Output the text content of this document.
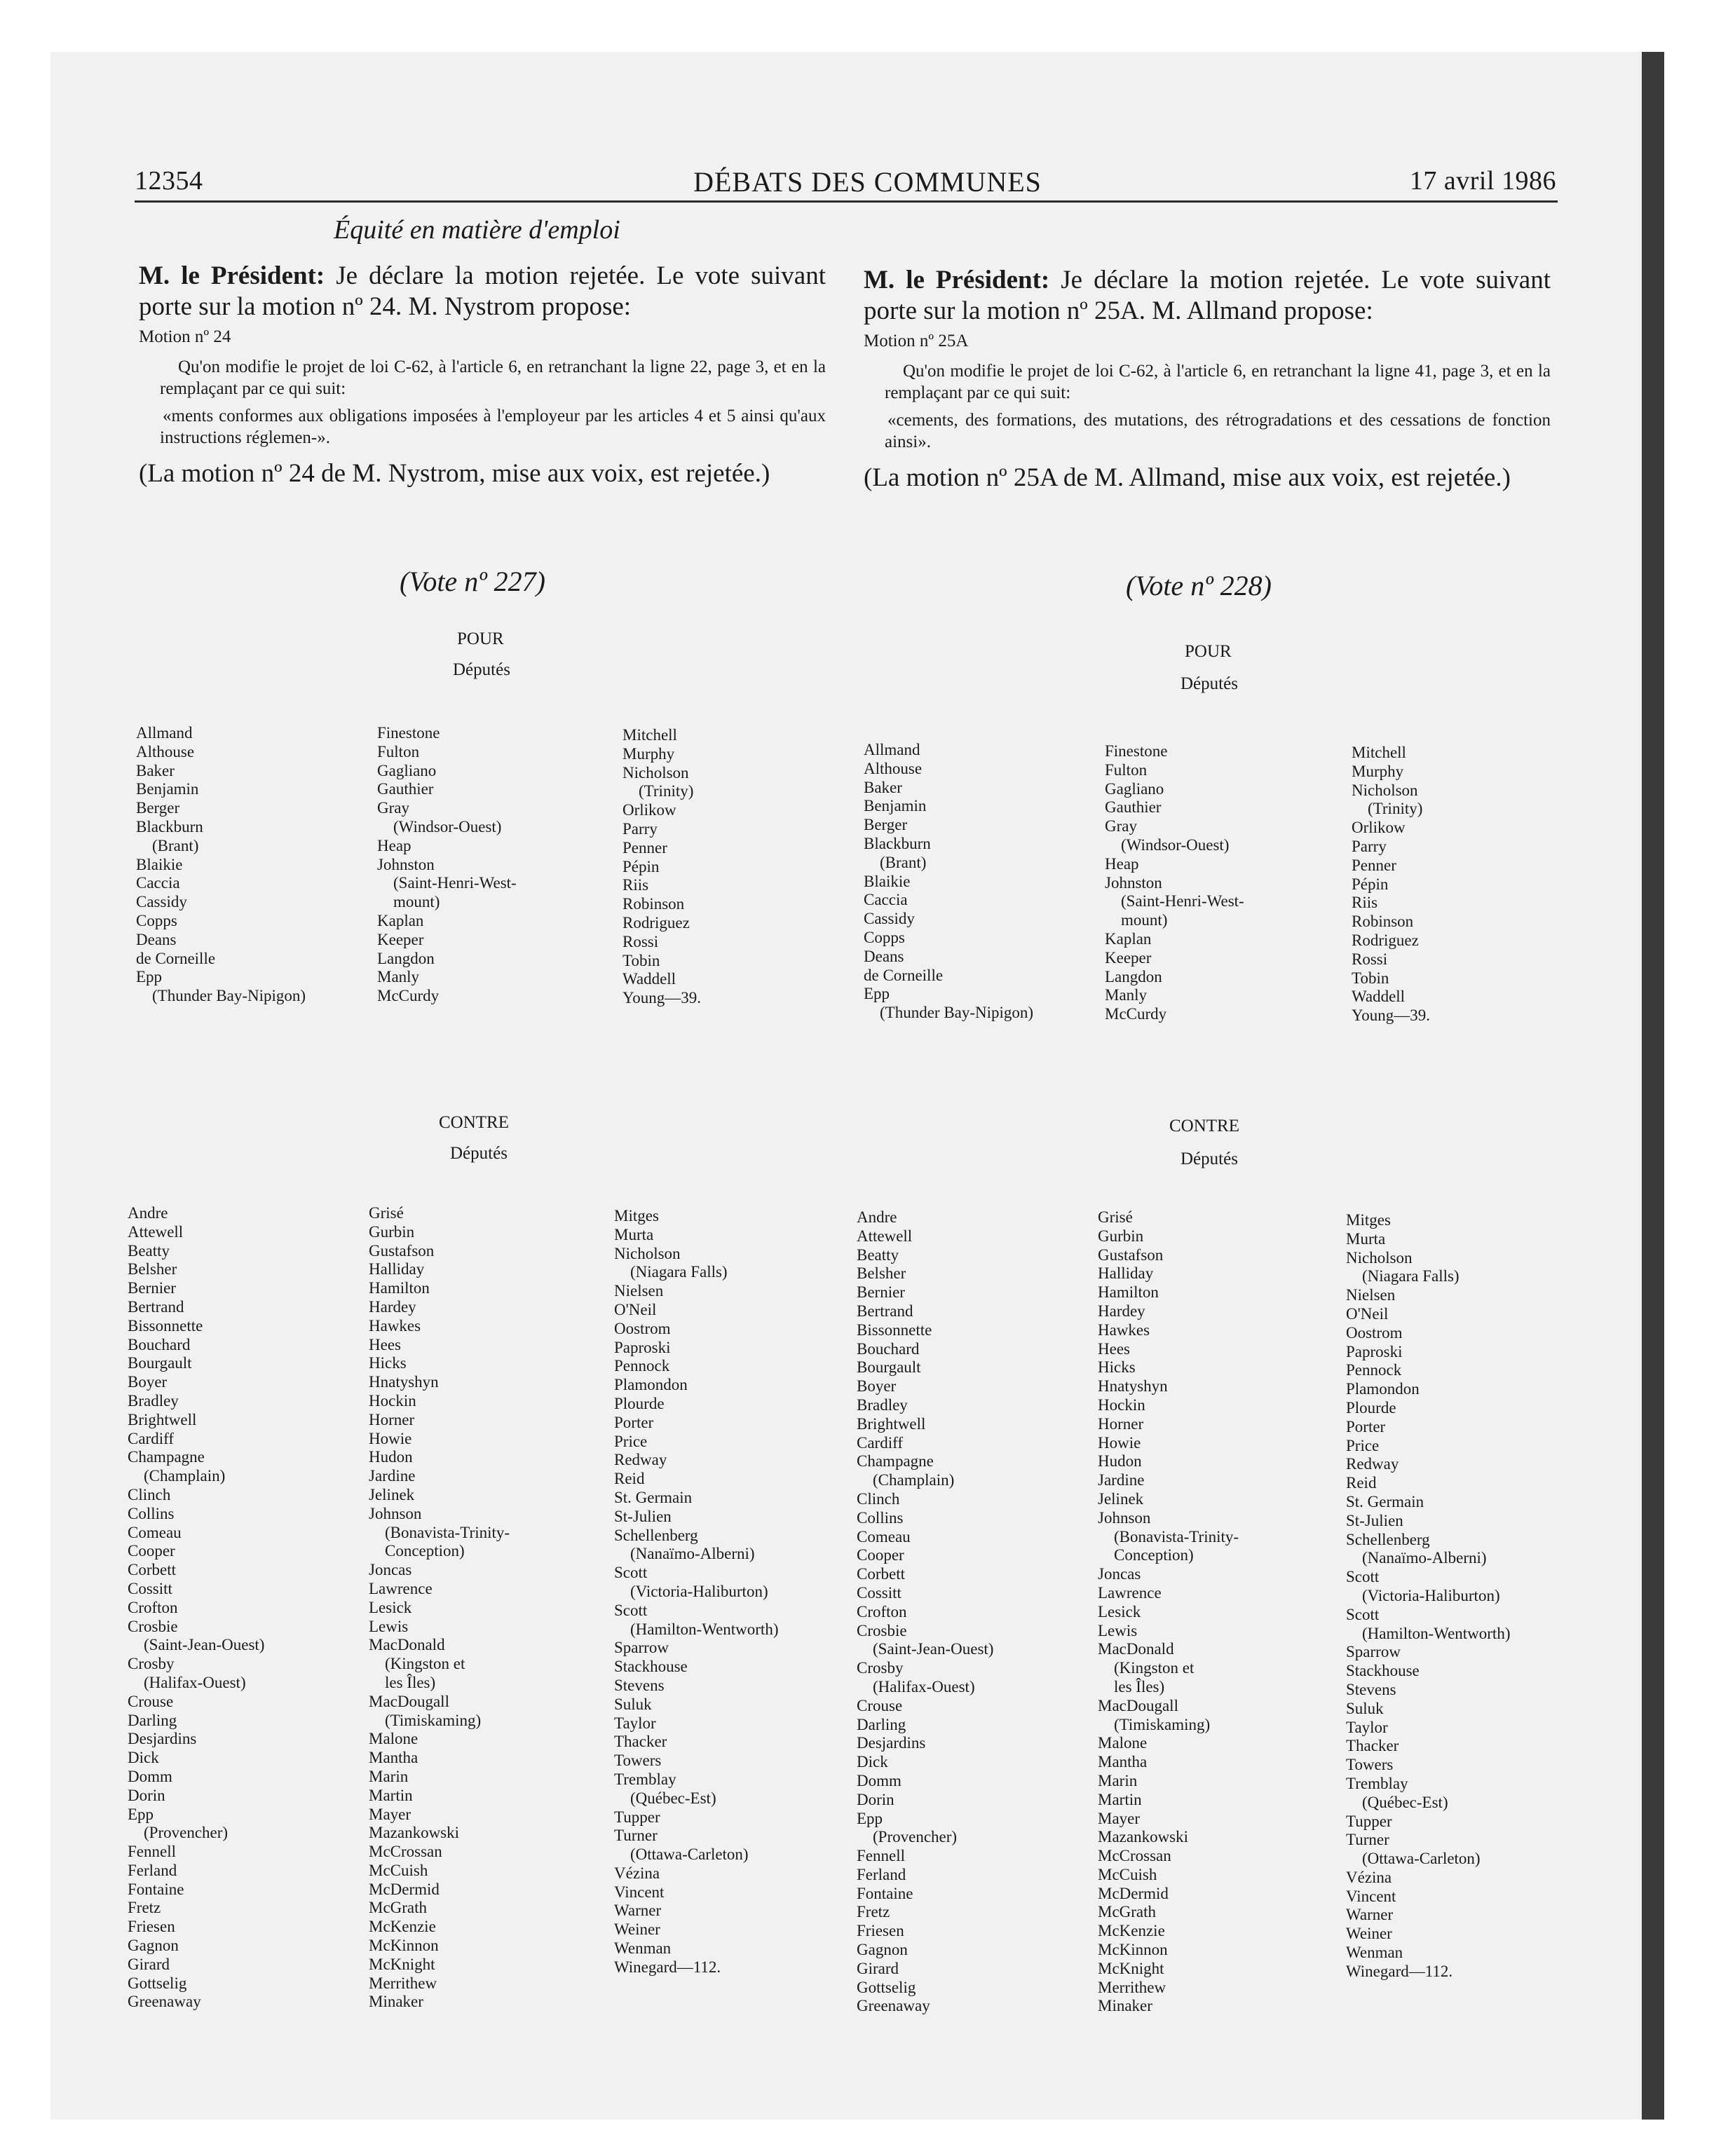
12354	DÉBATS DES COMMUNES	17 avril 1986
Équité en matière d'emploi
M. le Président: Je déclare la motion rejetée. Le vote suivant porte sur la motion nº 24. M. Nystrom propose:
Motion nº 24
Qu'on modifie le projet de loi C-62, à l'article 6, en retranchant la ligne 22, page 3, et en la remplaçant par ce qui suit:
«ments conformes aux obligations imposées à l'employeur par les articles 4 et 5 ainsi qu'aux instructions réglemen-».
(La motion nº 24 de M. Nystrom, mise aux voix, est rejetée.)
M. le Président: Je déclare la motion rejetée. Le vote suivant porte sur la motion nº 25A. M. Allmand propose:
Motion nº 25A
Qu'on modifie le projet de loi C-62, à l'article 6, en retranchant la ligne 41, page 3, et en la remplaçant par ce qui suit:
«cements, des formations, des mutations, des rétrogradations et des cessations de fonction ainsi».
(La motion nº 25A de M. Allmand, mise aux voix, est rejetée.)
(Vote nº 227)	(Vote nº 228)
POUR
Députés
Allmand
Althouse
Baker
Benjamin
Berger
Blackburn
(Brant)
Blaikie
Caccia
Cassidy
Copps
Deans
de Corneille
Epp
(Thunder Bay-Nipigon)
Finestone
Fulton
Gagliano
Gauthier
Gray
(Windsor-Ouest)
Heap
Johnston
(Saint-Henri-West-
mount)
Kaplan
Keeper
Langdon
Manly
McCurdy
Mitchell
Murphy
Nicholson
(Trinity)
Orlikow
Parry
Penner
Pépin
Riis
Robinson
Rodriguez
Rossi
Tobin
Waddell
Young—39.
POUR
Députés
Allmand
Althouse
Baker
Benjamin
Berger
Blackburn
(Brant)
Blaikie
Caccia
Cassidy
Copps
Deans
de Corneille
Epp
(Thunder Bay-Nipigon)
Finestone
Fulton
Gagliano
Gauthier
Gray
(Windsor-Ouest)
Heap
Johnston
(Saint-Henri-West-
mount)
Kaplan
Keeper
Langdon
Manly
McCurdy
Mitchell
Murphy
Nicholson
(Trinity)
Orlikow
Parry
Penner
Pépin
Riis
Robinson
Rodriguez
Rossi
Tobin
Waddell
Young—39.
CONTRE
Députés
Andre
Attewell
Beatty
Belsher
Bernier
Bertrand
Bissonnette
Bouchard
Bourgault
Boyer
Bradley
Brightwell
Cardiff
Champagne
(Champlain)
Clinch
Collins
Comeau
Cooper
Corbett
Cossitt
Crofton
Crosbie
(Saint-Jean-Ouest)
Crosby
(Halifax-Ouest)
Crouse
Darling
Desjardins
Dick
Domm
Dorin
Epp
(Provencher)
Fennell
Ferland
Fontaine
Fretz
Friesen
Gagnon
Girard
Gottselig
Greenaway
Grisé
Gurbin
Gustafson
Halliday
Hamilton
Hardey
Hawkes
Hees
Hicks
Hnatyshyn
Hockin
Horner
Howie
Hudon
Jardine
Jelinek
Johnson
(Bonavista-Trinity-
Conception)
Joncas
Lawrence
Lesick
Lewis
MacDonald
(Kingston et
les Îles)
MacDougall
(Timiskaming)
Malone
Mantha
Marin
Martin
Mayer
Mazankowski
McCrossan
McCuish
McDermid
McGrath
McKenzie
McKinnon
McKnight
Merrithew
Minaker
Mitges
Murta
Nicholson
(Niagara Falls)
Nielsen
O'Neil
Oostrom
Paproski
Pennock
Plamondon
Plourde
Porter
Price
Redway
Reid
St. Germain
St-Julien
Schellenberg
(Nanaïmo-Alberni)
Scott
(Victoria-Haliburton)
Scott
(Hamilton-Wentworth)
Sparrow
Stackhouse
Stevens
Suluk
Taylor
Thacker
Towers
Tremblay
(Québec-Est)
Tupper
Turner
(Ottawa-Carleton)
Vézina
Vincent
Warner
Weiner
Wenman
Winegard—112.
CONTRE
Députés
Andre
Attewell
Beatty
Belsher
Bernier
Bertrand
Bissonnette
Bouchard
Bourgault
Boyer
Bradley
Brightwell
Cardiff
Champagne
(Champlain)
Clinch
Collins
Comeau
Cooper
Corbett
Cossitt
Crofton
Crosbie
(Saint-Jean-Ouest)
Crosby
(Halifax-Ouest)
Crouse
Darling
Desjardins
Dick
Domm
Dorin
Epp
(Provencher)
Fennell
Ferland
Fontaine
Fretz
Friesen
Gagnon
Girard
Gottselig
Greenaway
Grisé
Gurbin
Gustafson
Halliday
Hamilton
Hardey
Hawkes
Hees
Hicks
Hnatyshyn
Hockin
Horner
Howie
Hudon
Jardine
Jelinek
Johnson
(Bonavista-Trinity-
Conception)
Joncas
Lawrence
Lesick
Lewis
MacDonald
(Kingston et
les Îles)
MacDougall
(Timiskaming)
Malone
Mantha
Marin
Martin
Mayer
Mazankowski
McCrossan
McCuish
McDermid
McGrath
McKenzie
McKinnon
McKnight
Merrithew
Minaker
Mitges
Murta
Nicholson
(Niagara Falls)
Nielsen
O'Neil
Oostrom
Paproski
Pennock
Plamondon
Plourde
Porter
Price
Redway
Reid
St. Germain
St-Julien
Schellenberg
(Nanaïmo-Alberni)
Scott
(Victoria-Haliburton)
Scott
(Hamilton-Wentworth)
Sparrow
Stackhouse
Stevens
Suluk
Taylor
Thacker
Towers
Tremblay
(Québec-Est)
Tupper
Turner
(Ottawa-Carleton)
Vézina
Vincent
Warner
Weiner
Wenman
Winegard—112.
